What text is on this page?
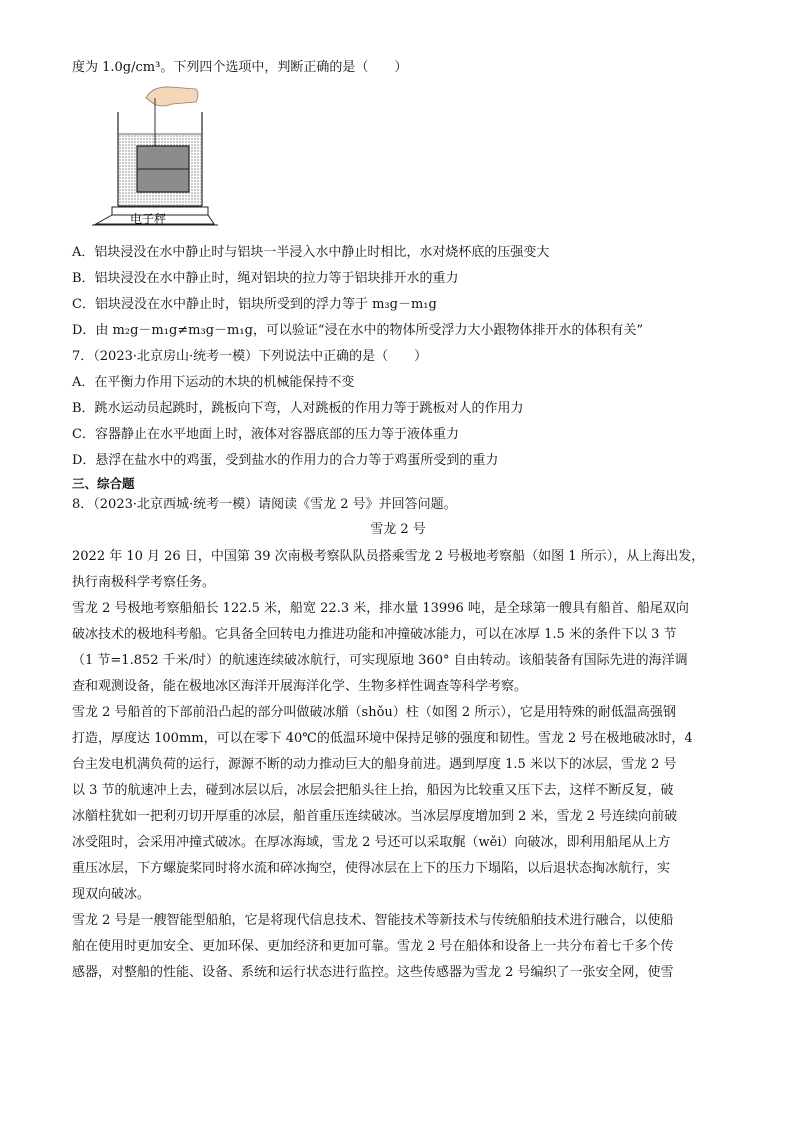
度为 1.0g/cm³。下列四个选项中，判断正确的是（　　）

电子秤

A．铝块浸没在水中静止时与铝块一半浸入水中静止时相比，水对烧杯底的压强变大

B．铝块浸没在水中静止时，绳对铝块的拉力等于铝块排开水的重力

C．铝块浸没在水中静止时，铝块所受到的浮力等于 m₃g－m₁g

D．由 m₂g－m₁g≠m₃g－m₁g，可以验证“浸在水中的物体所受浮力大小跟物体排开水的体积有关”

7．（2023·北京房山·统考一模）下列说法中正确的是（　　）

A．在平衡力作用下运动的木块的机械能保持不变

B．跳水运动员起跳时，跳板向下弯，人对跳板的作用力等于跳板对人的作用力

C．容器静止在水平地面上时，液体对容器底部的压力等于液体重力

D．悬浮在盐水中的鸡蛋，受到盐水的作用力的合力等于鸡蛋所受到的重力

三、综合题

8．（2023·北京西城·统考一模）请阅读《雪龙 2 号》并回答问题。

雪龙 2 号

2022 年 10 月 26 日，中国第 39 次南极考察队队员搭乘雪龙 2 号极地考察船（如图 1 所示），从上海出发，
执行南极科学考察任务。
雪龙 2 号极地考察船船长 122.5 米，船宽 22.3 米，排水量 13996 吨，是全球第一艘具有船首、船尾双向
破冰技术的极地科考船。它具备全回转电力推进功能和冲撞破冰能力，可以在冰厚 1.5 米的条件下以 3 节
（1 节=1.852 千米/时）的航速连续破冰航行，可实现原地 360° 自由转动。该船装备有国际先进的海洋调
查和观测设备，能在极地冰区海洋开展海洋化学、生物多样性调查等科学考察。
雪龙 2 号船首的下部前沿凸起的部分叫做破冰艏（shǒu）柱（如图 2 所示），它是用特殊的耐低温高强钢
打造，厚度达 100mm，可以在零下 40℃的低温环境中保持足够的强度和韧性。雪龙 2 号在极地破冰时，4
台主发电机满负荷的运行，源源不断的动力推动巨大的船身前进。遇到厚度 1.5 米以下的冰层，雪龙 2 号
以 3 节的航速冲上去，碰到冰层以后，冰层会把船头往上抬，船因为比较重又压下去，这样不断反复，破
冰艏柱犹如一把利刃切开厚重的冰层，船首重压连续破冰。当冰层厚度增加到 2 米，雪龙 2 号连续向前破
冰受阻时，会采用冲撞式破冰。在厚冰海域，雪龙 2 号还可以采取艉（wěi）向破冰，即利用船尾从上方
重压冰层，下方螺旋桨同时将水流和碎冰掏空，使得冰层在上下的压力下塌陷，以后退状态掏冰航行，实
现双向破冰。
雪龙 2 号是一艘智能型船舶，它是将现代信息技术、智能技术等新技术与传统船舶技术进行融合，以使船
舶在使用时更加安全、更加环保、更加经济和更加可靠。雪龙 2 号在船体和设备上一共分布着七千多个传
感器，对整船的性能、设备、系统和运行状态进行监控。这些传感器为雪龙 2 号编织了一张安全网，使雪
